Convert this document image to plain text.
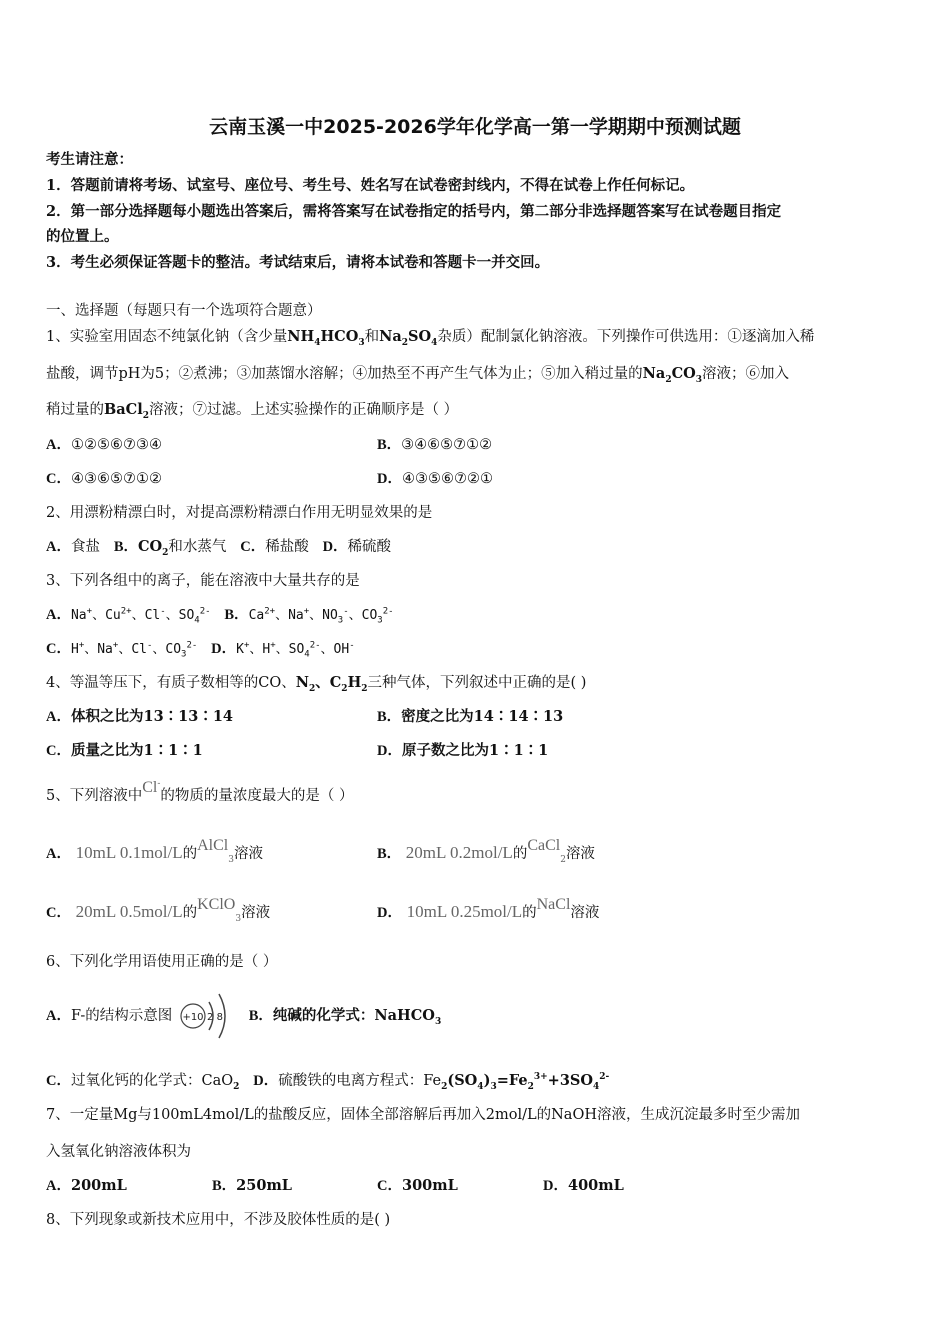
云南玉溪一中2025-2026学年化学高一第一学期期中预测试题
考生请注意：
1．答题前请将考场、试室号、座位号、考生号、姓名写在试卷密封线内，不得在试卷上作任何标记。
2．第一部分选择题每小题选出答案后，需将答案写在试卷指定的括号内，第二部分非选择题答案写在试卷题目指定
的位置上。
3．考生必须保证答题卡的整洁。考试结束后，请将本试卷和答题卡一并交回。
一、选择题（每题只有一个选项符合题意）
1、实验室用固态不纯氯化钠（含少量$NH_4HCO_3$和$Na_2SO_4$杂质）配制氯化钠溶液。下列操作可供选用：①逐滴加入稀
盐酸，调节pH为5；②煮沸；③加蒸馏水溶解；④加热至不再产生气体为止；⑤加入稍过量的$Na_2CO_3$溶液；⑥加入
稍过量的BaCl$_2$溶液；⑦过滤。上述实验操作的正确顺序是（ ）
A．①②⑤⑥⑦③④	B．③④⑥⑤⑦①②
C．④③⑥⑤⑦①②	D．④③⑤⑥⑦②①
2、用漂粉精漂白时，对提高漂粉精漂白作用无明显效果的是
A．食盐 B．$CO_2$和水蒸气 C．稀盐酸 D．稀硫酸
3、下列各组中的离子，能在溶液中大量共存的是
A．Na+、$Cu^{2+}$、Cl-、$SO_4^{2-}$ B．$Ca^{2+}$、Na+、$NO_3^-$、$CO_3^{2-}$
C．H+、Na+、Cl-、$CO_3^{2-}$ D．K+、H+、$SO_4^{2-}$、OH-
4、等温等压下，有质子数相等的CO、$N_2$、$C_2H_2$三种气体，下列叙述中正确的是( )
A．体积之比为13∶13∶14	B．密度之比为14∶14∶13
C．质量之比为1∶1∶1	D．原子数之比为1∶1∶1
5、下列溶液中Cl-的物质的量浓度最大的是（ ）
A． 10mL 0.1mol/L的AlCl$_3$溶液	B． 20mL 0.2mol/L的CaCl$_2$溶液
C． 20mL 0.5mol/L的KClO$_3$溶液	D． 10mL 0.25mol/L的NaCl溶液
6、下列化学用语使用正确的是（ ）
A．F-的结构示意图 +10 2 8 B．纯碱的化学式：NaHCO$_3$
C．过氧化钙的化学式：CaO$_2$ D．硫酸铁的电离方程式：$Fe_2(SO_4)_3=Fe_2^{3+}+3SO_4^{2-}$
7、一定量Mg与100mL4mol/L的盐酸反应，固体全部溶解后再加入2mol/L的NaOH溶液，生成沉淀最多时至少需加
入氢氧化钠溶液体积为
A．200mL	B．250mL	C．300mL	D．400mL
8、下列现象或新技术应用中，不涉及胶体性质的是( )
